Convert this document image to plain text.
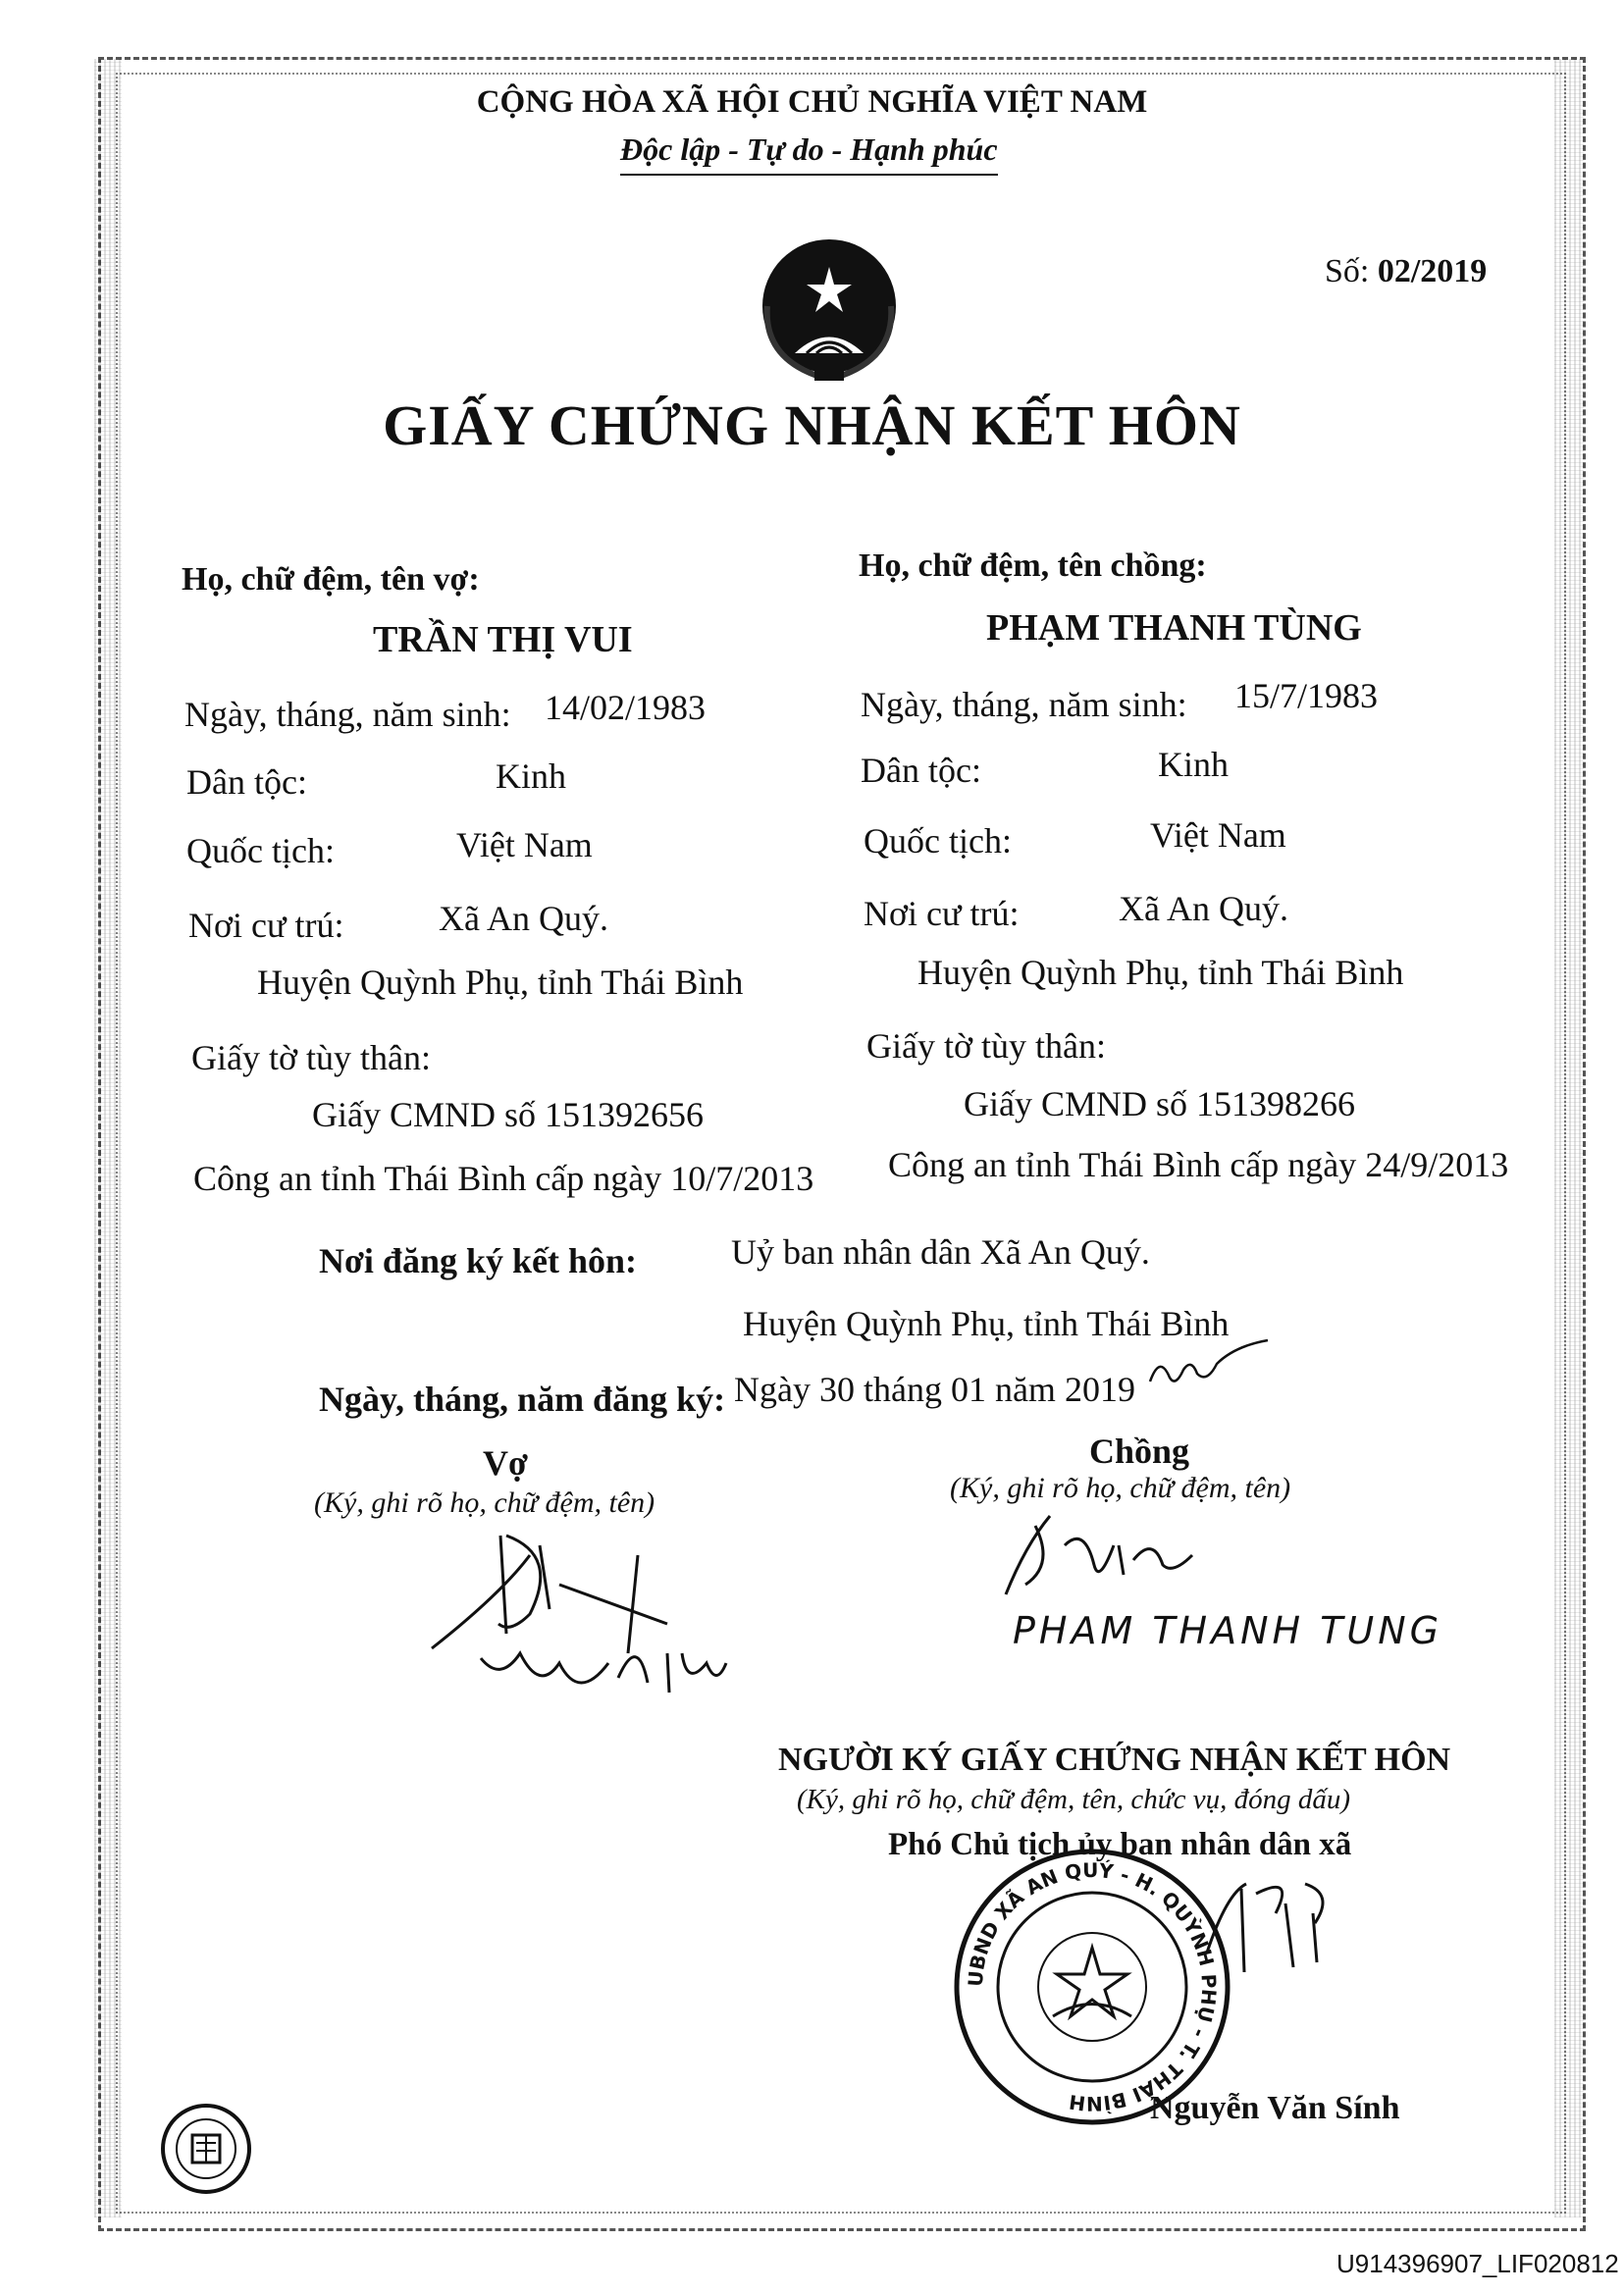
CỘNG HÒA XÃ HỘI CHỦ NGHĨA VIỆT NAM
Độc lập - Tự do - Hạnh phúc
Số: 02/2019
GIẤY CHỨNG NHẬN KẾT HÔN
Họ, chữ đệm, tên vợ:
TRẦN THỊ VUI
Ngày, tháng, năm sinh: 14/02/1983
Dân tộc:	Kinh
Quốc tịch:	Việt Nam
Nơi cư trú:	Xã An Quý.
Huyện Quỳnh Phụ, tỉnh Thái Bình
Giấy tờ tùy thân:
Giấy CMND số 151392656
Công an tỉnh Thái Bình cấp ngày 10/7/2013
Họ, chữ đệm, tên chồng:
PHẠM THANH TÙNG
Ngày, tháng, năm sinh: 15/7/1983
Dân tộc:	Kinh
Quốc tịch:	Việt Nam
Nơi cư trú:	Xã An Quý.
Huyện Quỳnh Phụ, tỉnh Thái Bình
Giấy tờ tùy thân:
Giấy CMND số 151398266
Công an tỉnh Thái Bình cấp ngày 24/9/2013
Nơi đăng ký kết hôn:	Uỷ ban nhân dân Xã An Quý.
Huyện Quỳnh Phụ, tỉnh Thái Bình
Ngày, tháng, năm đăng ký: Ngày 30 tháng 01 năm 2019
Vợ
(Ký, ghi rõ họ, chữ đệm, tên)
Chồng
(Ký, ghi rõ họ, chữ đệm, tên)
PHAM THANH TUNG
NGƯỜI KÝ GIẤY CHỨNG NHẬN KẾT HÔN
(Ký, ghi rõ họ, chữ đệm, tên, chức vụ, đóng dấu)
Phó Chủ tịch ủy ban nhân dân xã
UBND XÃ AN QUÝ - H. QUỲNH PHỤ - T. THÁI BÌNH	Nguyễn Văn Sính
U914396907_LIF020812
